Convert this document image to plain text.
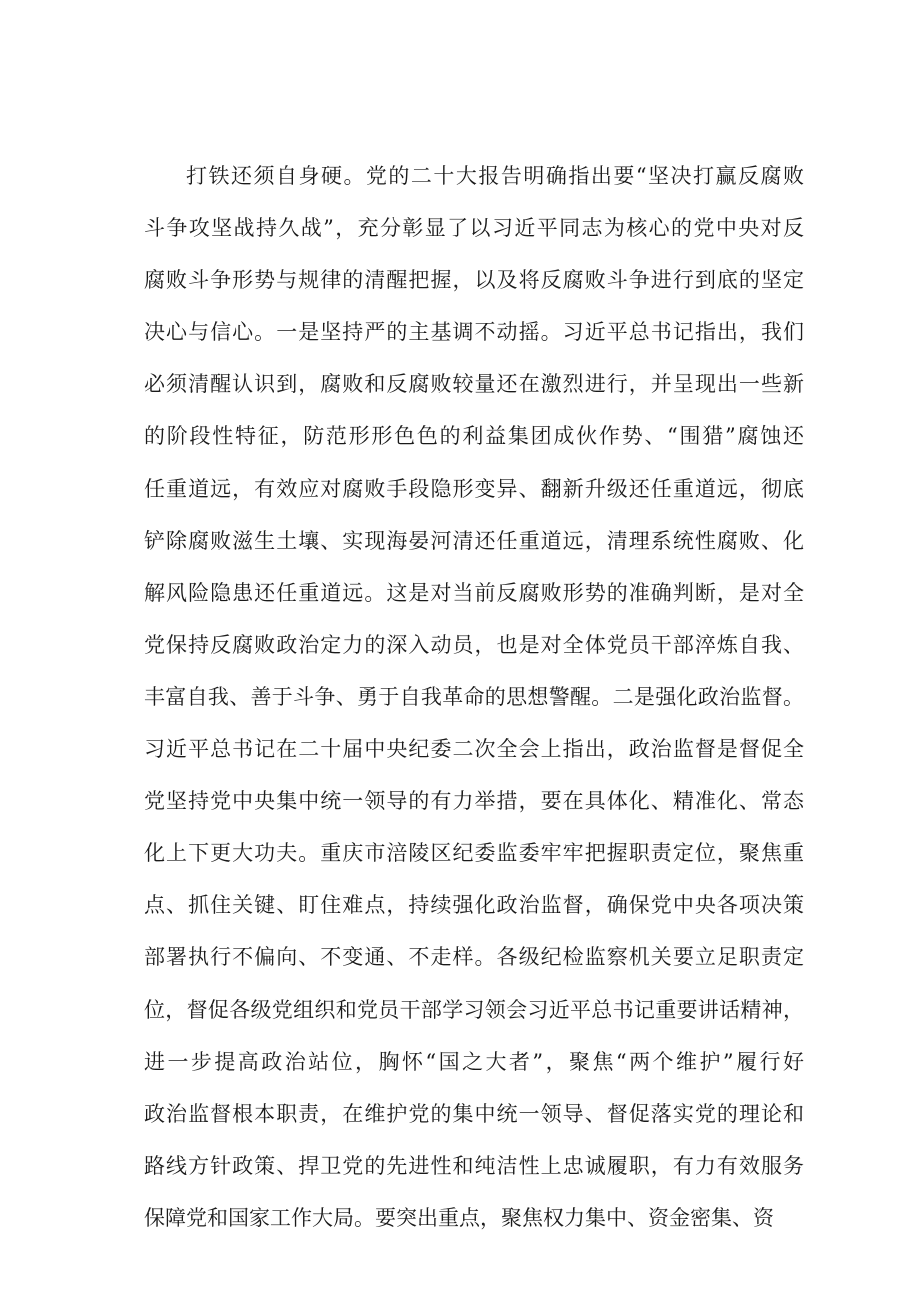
打铁还须自身硬。党的二十大报告明确指出要“坚决打赢反腐败
斗争攻坚战持久战”，充分彰显了以习近平同志为核心的党中央对反
腐败斗争形势与规律的清醒把握，以及将反腐败斗争进行到底的坚定
决心与信心。一是坚持严的主基调不动摇。习近平总书记指出，我们
必须清醒认识到，腐败和反腐败较量还在激烈进行，并呈现出一些新
的阶段性特征，防范形形色色的利益集团成伙作势、“围猎”腐蚀还
任重道远，有效应对腐败手段隐形变异、翻新升级还任重道远，彻底
铲除腐败滋生土壤、实现海晏河清还任重道远，清理系统性腐败、化
解风险隐患还任重道远。这是对当前反腐败形势的准确判断，是对全
党保持反腐败政治定力的深入动员，也是对全体党员干部淬炼自我、
丰富自我、善于斗争、勇于自我革命的思想警醒。二是强化政治监督。
习近平总书记在二十届中央纪委二次全会上指出，政治监督是督促全
党坚持党中央集中统一领导的有力举措，要在具体化、精准化、常态
化上下更大功夫。重庆市涪陵区纪委监委牢牢把握职责定位，聚焦重
点、抓住关键、盯住难点，持续强化政治监督，确保党中央各项决策
部署执行不偏向、不变通、不走样。各级纪检监察机关要立足职责定
位，督促各级党组织和党员干部学习领会习近平总书记重要讲话精神，
进一步提高政治站位，胸怀“国之大者”，聚焦“两个维护”履行好
政治监督根本职责，在维护党的集中统一领导、督促落实党的理论和
路线方针政策、捍卫党的先进性和纯洁性上忠诚履职，有力有效服务
保障党和国家工作大局。要突出重点，聚焦权力集中、资金密集、资
